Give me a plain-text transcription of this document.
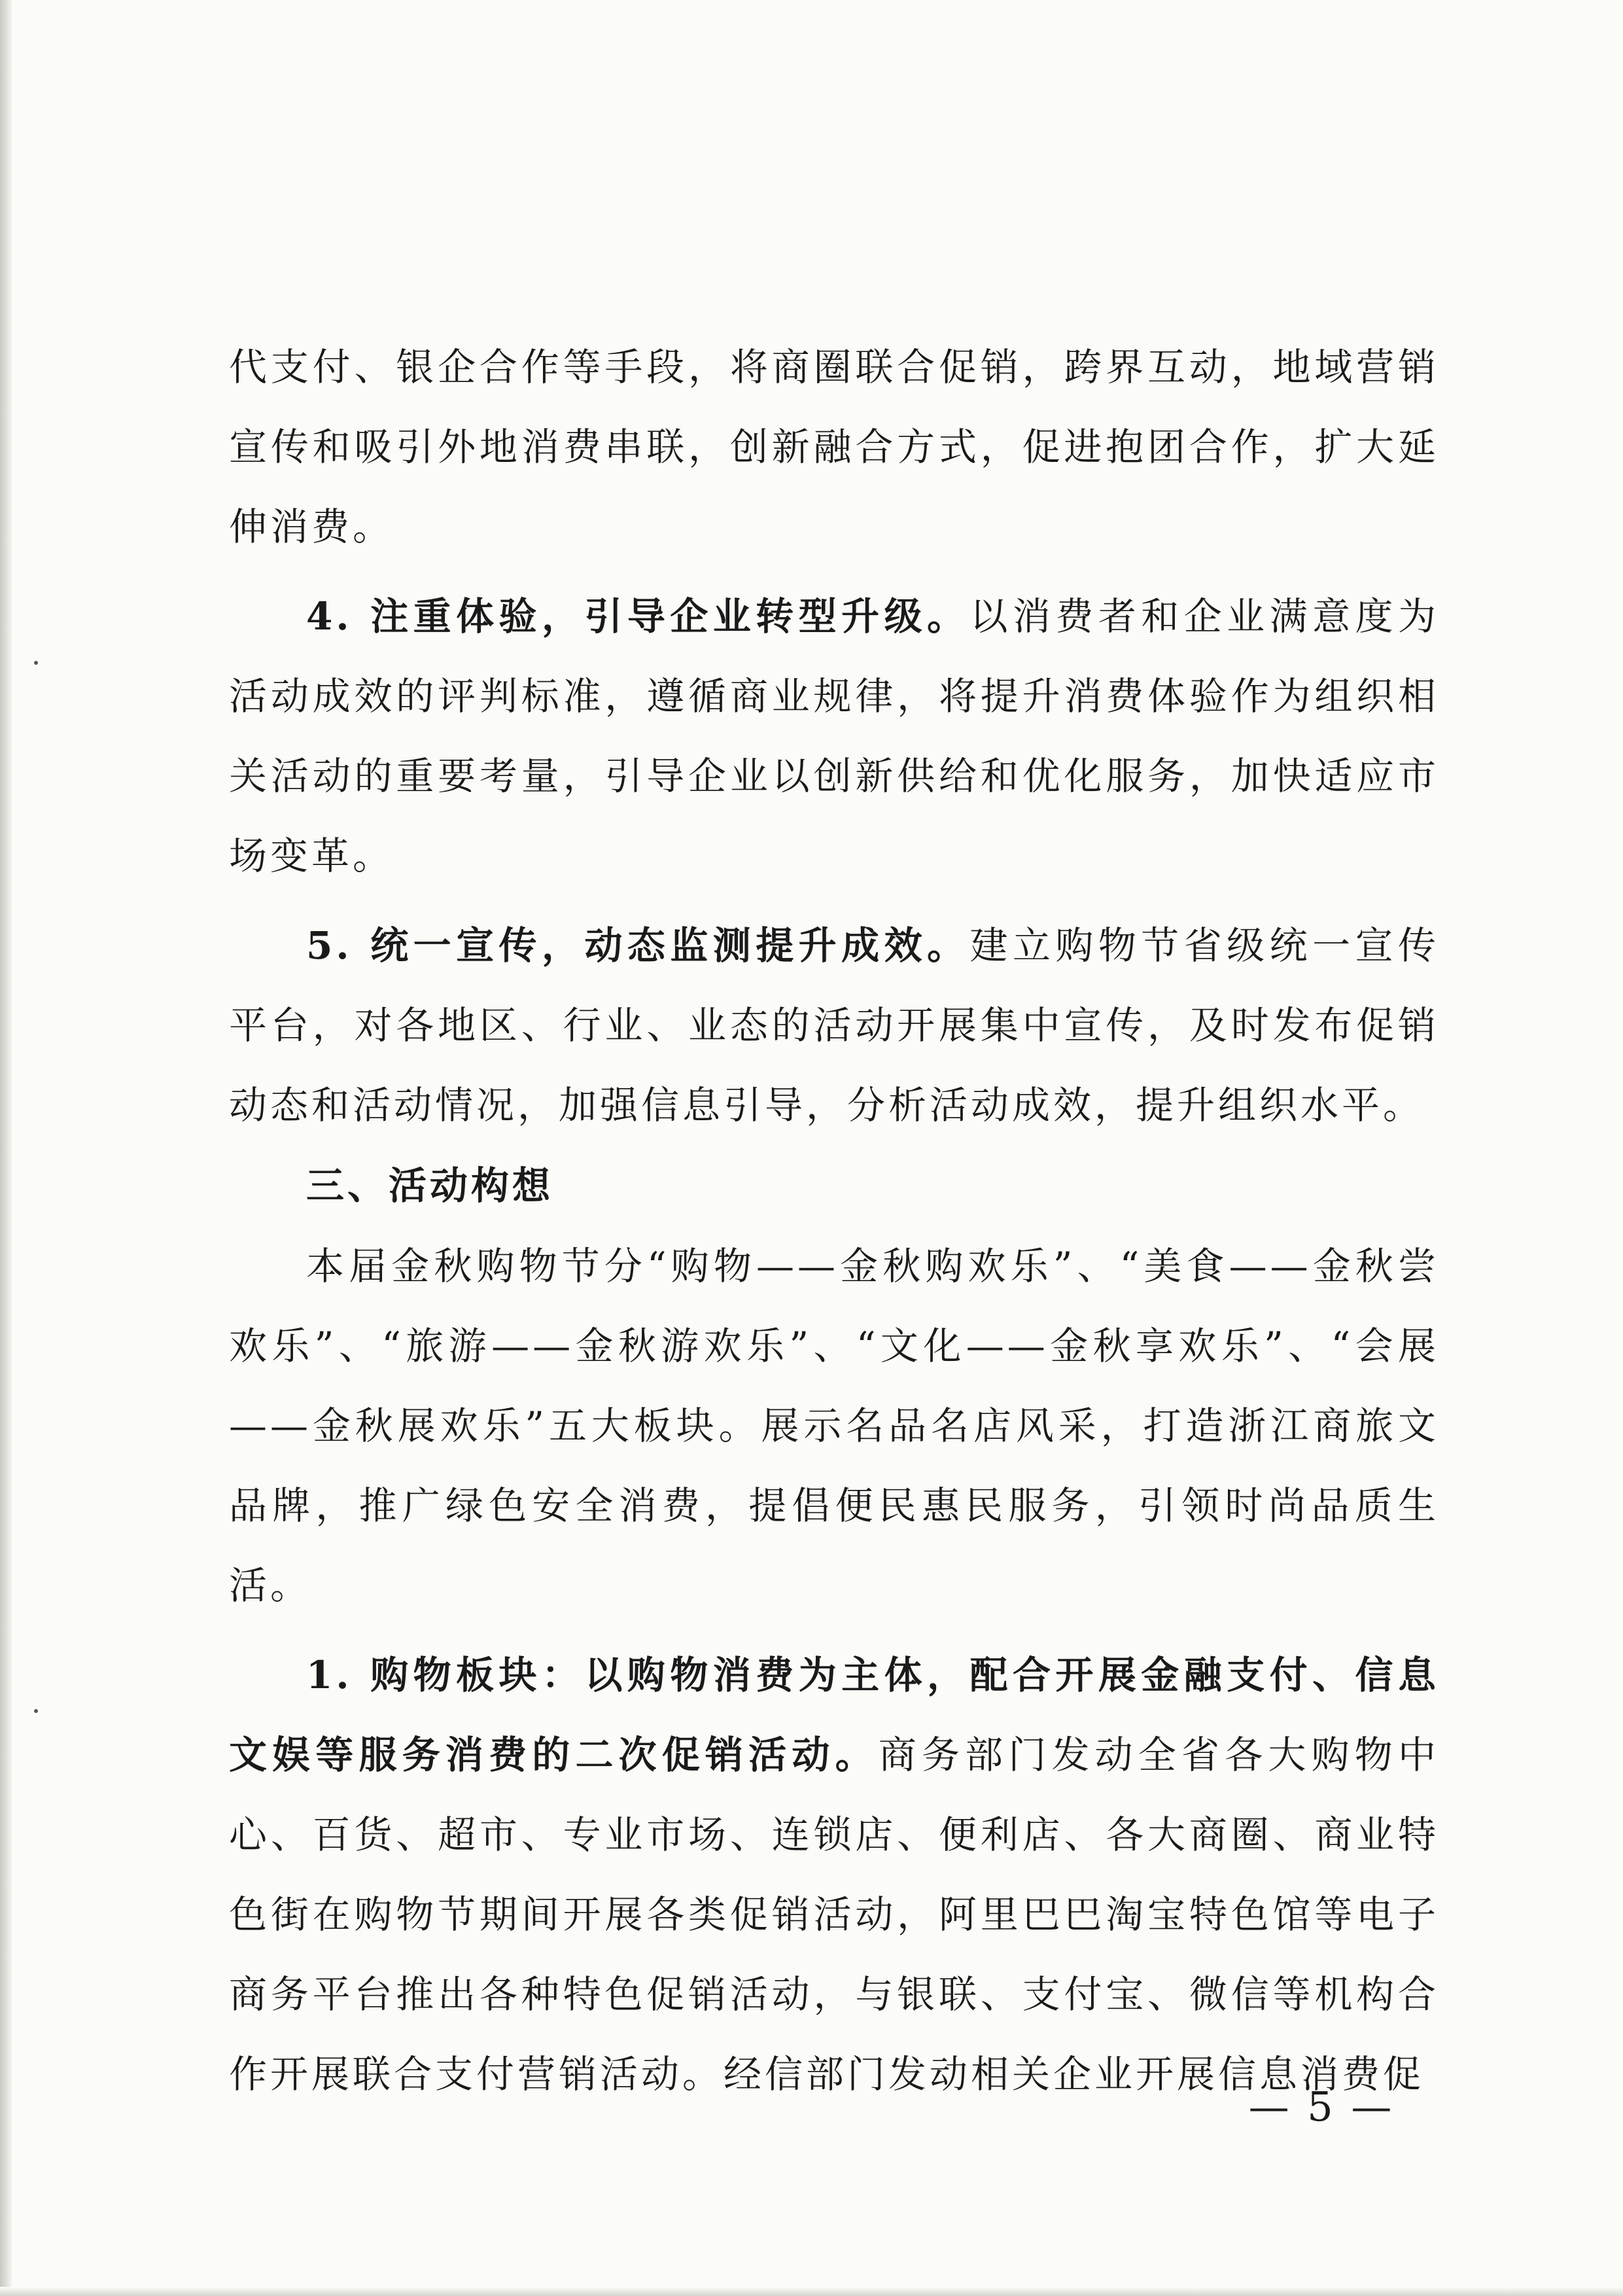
代支付、银企合作等手段，将商圈联合促销，跨界互动，地域营销宣传和吸引外地消费串联，创新融合方式，促进抱团合作，扩大延伸消费。

4. 注重体验，引导企业转型升级。以消费者和企业满意度为活动成效的评判标准，遵循商业规律，将提升消费体验作为组织相关活动的重要考量，引导企业以创新供给和优化服务，加快适应市场变革。

5. 统一宣传，动态监测提升成效。建立购物节省级统一宣传平台，对各地区、行业、业态的活动开展集中宣传，及时发布促销动态和活动情况，加强信息引导，分析活动成效，提升组织水平。

三、活动构想

本届金秋购物节分“购物——金秋购欢乐”、“美食——金秋尝欢乐”、“旅游——金秋游欢乐”、“文化——金秋享欢乐”、“会展——金秋展欢乐”五大板块。展示名品名店风采，打造浙江商旅文品牌，推广绿色安全消费，提倡便民惠民服务，引领时尚品质生活。

1. 购物板块：以购物消费为主体，配合开展金融支付、信息文娱等服务消费的二次促销活动。商务部门发动全省各大购物中心、百货、超市、专业市场、连锁店、便利店、各大商圈、商业特色街在购物节期间开展各类促销活动，阿里巴巴淘宝特色馆等电子商务平台推出各种特色促销活动，与银联、支付宝、微信等机构合作开展联合支付营销活动。经信部门发动相关企业开展信息消费促

— 5 —
